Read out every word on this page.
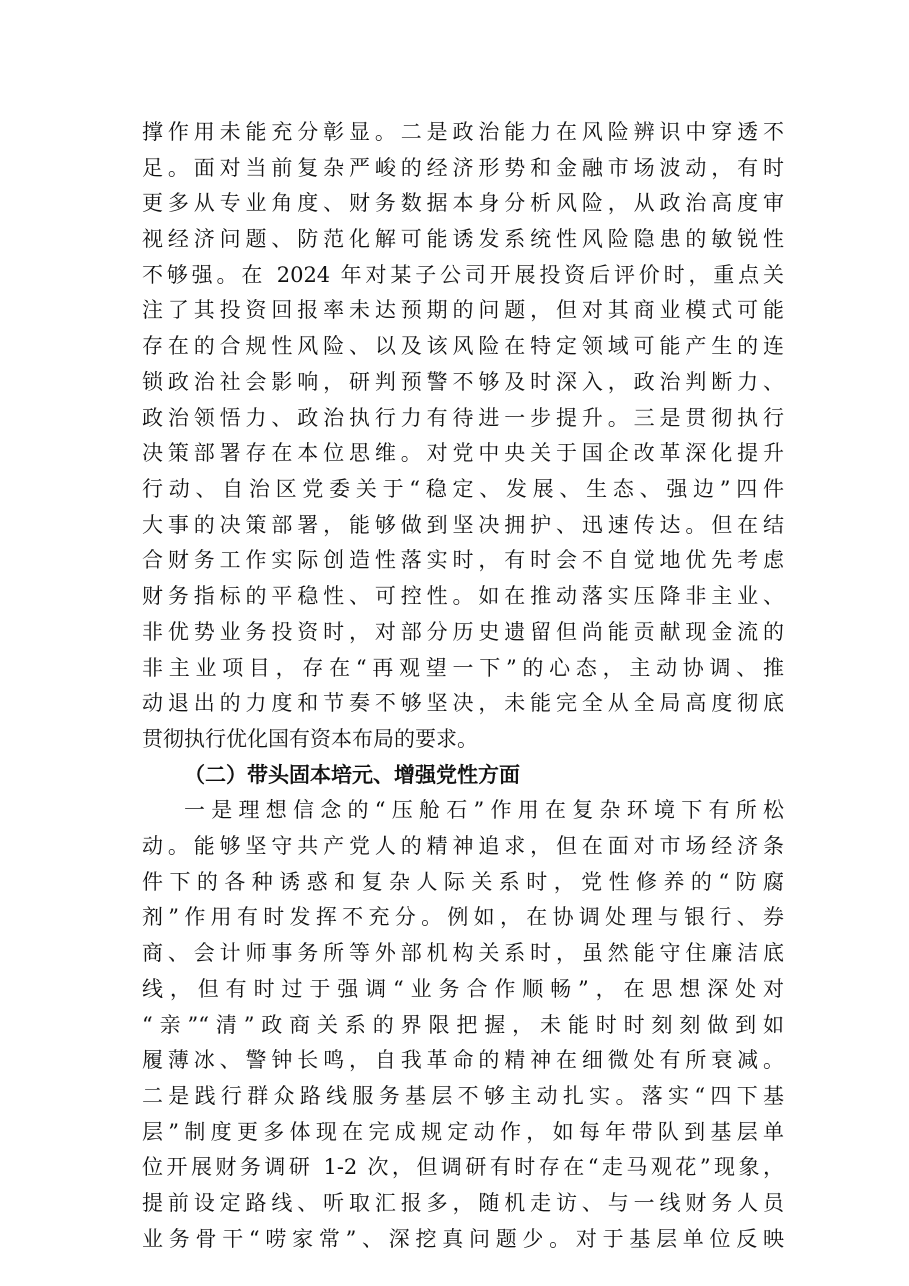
撑作用未能充分彰显。二是政治能力在风险辨识中穿透不
足。面对当前复杂严峻的经济形势和金融市场波动，有时
更多从专业角度、财务数据本身分析风险，从政治高度审
视经济问题、防范化解可能诱发系统性风险隐患的敏锐性
不够强。在 2024 年对某子公司开展投资后评价时，重点关
注了其投资回报率未达预期的问题，但对其商业模式可能
存在的合规性风险、以及该风险在特定领域可能产生的连
锁政治社会影响，研判预警不够及时深入，政治判断力、
政治领悟力、政治执行力有待进一步提升。三是贯彻执行
决策部署存在本位思维。对党中央关于国企改革深化提升
行动、自治区党委关于“稳定、发展、生态、强边”四件
大事的决策部署，能够做到坚决拥护、迅速传达。但在结
合财务工作实际创造性落实时，有时会不自觉地优先考虑
财务指标的平稳性、可控性。如在推动落实压降非主业、
非优势业务投资时，对部分历史遗留但尚能贡献现金流的
非主业项目，存在“再观望一下”的心态，主动协调、推
动退出的力度和节奏不够坚决，未能完全从全局高度彻底
贯彻执行优化国有资本布局的要求。
（二）带头固本培元、增强党性方面
一是理想信念的“压舱石”作用在复杂环境下有所松
动。能够坚守共产党人的精神追求，但在面对市场经济条
件下的各种诱惑和复杂人际关系时，党性修养的“防腐
剂”作用有时发挥不充分。例如，在协调处理与银行、券
商、会计师事务所等外部机构关系时，虽然能守住廉洁底
线，但有时过于强调“业务合作顺畅”，在思想深处对
“亲”“清”政商关系的界限把握，未能时时刻刻做到如
履薄冰、警钟长鸣，自我革命的精神在细微处有所衰减。
二是践行群众路线服务基层不够主动扎实。落实“四下基
层”制度更多体现在完成规定动作，如每年带队到基层单
位开展财务调研 1-2 次，但调研有时存在“走马观花”现象，
提前设定路线、听取汇报多，随机走访、与一线财务人员
业务骨干“唠家常”、深挖真问题少。对于基层单位反映
